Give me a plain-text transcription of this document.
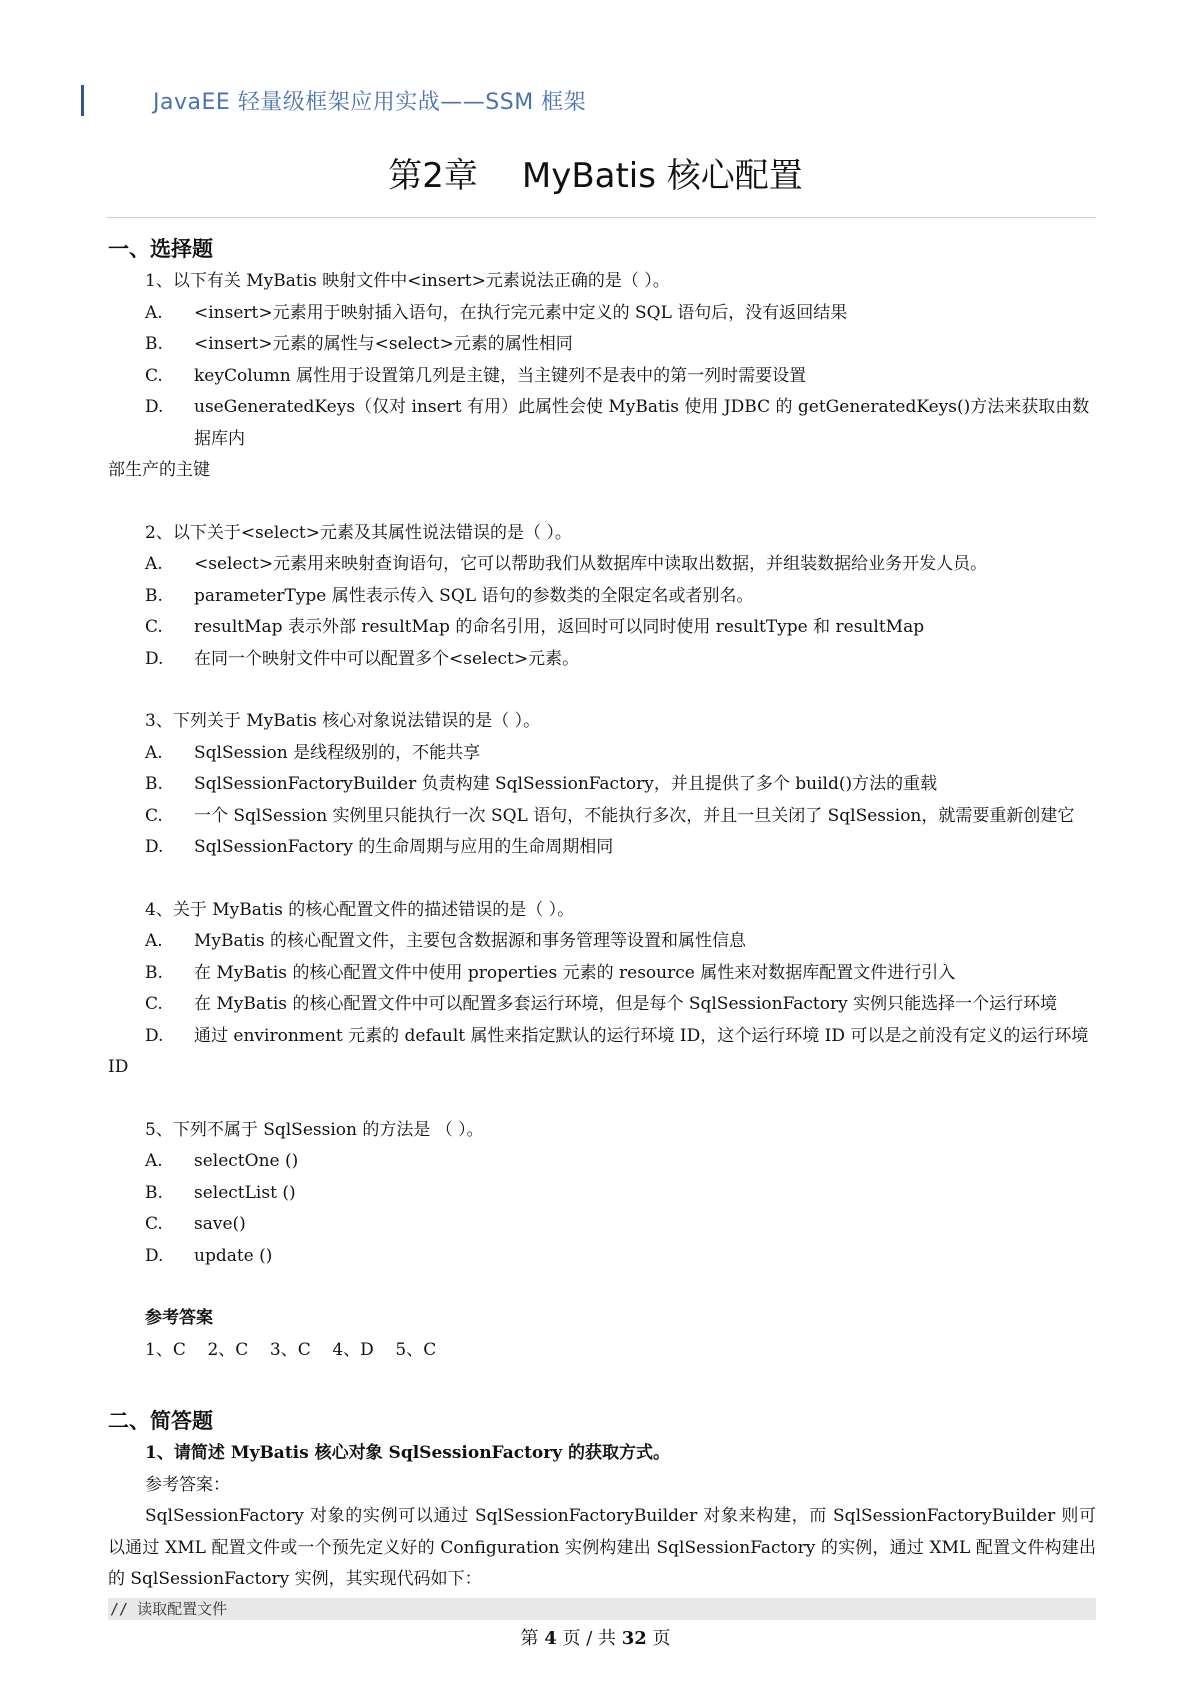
JavaEE 轻量级框架应用实战——SSM 框架
第2章 MyBatis 核心配置
一、选择题
1、以下有关 MyBatis 映射文件中<insert>元素说法正确的是（ ）。
A.	<insert>元素用于映射插入语句，在执行完元素中定义的 SQL 语句后，没有返回结果
B.	<insert>元素的属性与<select>元素的属性相同
C.	keyColumn 属性用于设置第几列是主键，当主键列不是表中的第一列时需要设置
D.	useGeneratedKeys（仅对 insert 有用）此属性会使 MyBatis 使用 JDBC 的 getGeneratedKeys()方法来获取由数据库内
部生产的主键
2、以下关于<select>元素及其属性说法错误的是（ ）。
A.	<select>元素用来映射查询语句，它可以帮助我们从数据库中读取出数据，并组装数据给业务开发人员。
B.	parameterType 属性表示传入 SQL 语句的参数类的全限定名或者别名。
C.	resultMap 表示外部 resultMap 的命名引用，返回时可以同时使用 resultType 和 resultMap
D.	在同一个映射文件中可以配置多个<select>元素。
3、下列关于 MyBatis 核心对象说法错误的是（ ）。
A.	SqlSession 是线程级别的，不能共享
B.	SqlSessionFactoryBuilder 负责构建 SqlSessionFactory，并且提供了多个 build()方法的重载
C.	一个 SqlSession 实例里只能执行一次 SQL 语句，不能执行多次，并且一旦关闭了 SqlSession，就需要重新创建它
D.	SqlSessionFactory 的生命周期与应用的生命周期相同
4、关于 MyBatis 的核心配置文件的描述错误的是（ ）。
A.	MyBatis 的核心配置文件，主要包含数据源和事务管理等设置和属性信息
B.	在 MyBatis 的核心配置文件中使用 properties 元素的 resource 属性来对数据库配置文件进行引入
C.	在 MyBatis 的核心配置文件中可以配置多套运行环境，但是每个 SqlSessionFactory 实例只能选择一个运行环境
D.	通过 environment 元素的 default 属性来指定默认的运行环境 ID，这个运行环境 ID 可以是之前没有定义的运行环境
ID
5、下列不属于 SqlSession 的方法是 （ ）。
A.	selectOne ()
B.	selectList ()
C.	save()
D.	update ()
参考答案
1、C    2、C    3、C    4、D    5、C
二、简答题
1、请简述 MyBatis 核心对象 SqlSessionFactory 的获取方式。
参考答案：
SqlSessionFactory 对象的实例可以通过 SqlSessionFactoryBuilder 对象来构建，而 SqlSessionFactoryBuilder 则可以通过 XML 配置文件或一个预先定义好的 Configuration 实例构建出 SqlSessionFactory 的实例，通过 XML 配置文件构建出的 SqlSessionFactory 实例，其实现代码如下：
// 读取配置文件
第 4 页 / 共 32 页
